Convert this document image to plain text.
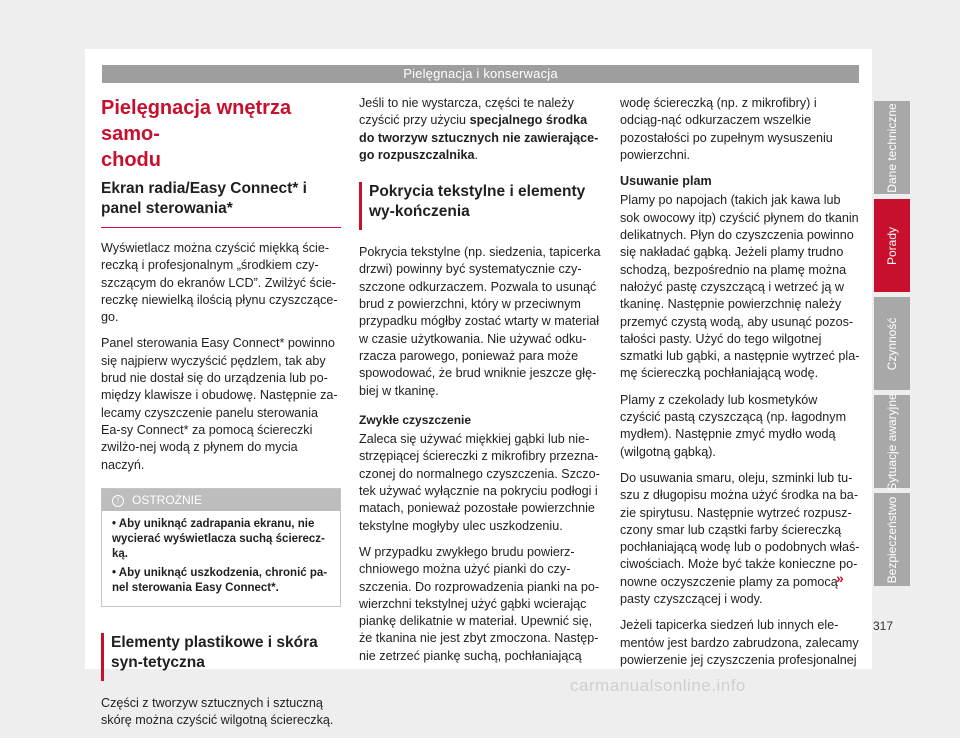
Pielęgnacja i konserwacja
Pielęgnacja wnętrza samo-
chodu
Ekran radia/Easy Connect* i panel sterowania*

Wyświetlacz można czyścić miękką ście-reczką i profesjonalnym „środkiem czy-szczącym do ekranów LCD”. Zwilżyć ście-reczkę niewielką ilością płynu czyszczące-go.

Panel sterowania Easy Connect* powinno się najpierw wyczyścić pędzlem, tak aby brud nie dostał się do urządzenia lub po-między klawisze i obudowę. Następnie za-lecamy czyszczenie panelu sterowania Ea-sy Connect* za pomocą ściereczki zwilżo-nej wodą z płynem do mycia naczyń.

! OSTROŻNIE
• Aby uniknąć zadrapania ekranu, nie wycierać wyświetlacza suchą ścierecz-ką.
• Aby uniknąć uszkodzenia, chronić pa-nel sterowania Easy Connect*.
Elementy plastikowe i skóra syn-tetyczna

Części z tworzyw sztucznych i sztuczną skórę można czyścić wilgotną ściereczką.

Jeśli to nie wystarcza, części te należy czyścić przy użyciu specjalnego środka do tworzyw sztucznych nie zawierające-go rozpuszczalnika.

Pokrycia tekstylne i elementy wy-kończenia

Pokrycia tekstylne (np. siedzenia, tapicerka drzwi) powinny być systematycznie czy-szczone odkurzaczem. Pozwala to usunąć brud z powierzchni, który w przeciwnym przypadku mógłby zostać wtarty w materiał w czasie użytkowania. Nie używać odku-rzacza parowego, ponieważ para może spowodować, że brud wniknie jeszcze głę-biej w tkaninę.

Zwykłe czyszczenie

Zaleca się używać miękkiej gąbki lub nie-strzępiącej ściereczki z mikrofibry przezna-czonej do normalnego czyszczenia. Szczo-tek używać wyłącznie na pokryciu podłogi i matach, ponieważ pozostałe powierzchnie tekstylne mogłyby ulec uszkodzeniu.

W przypadku zwykłego brudu powierz-chniowego można użyć pianki do czy-szczenia. Do rozprowadzenia pianki na po-wierzchni tekstylnej użyć gąbki wcierając piankę delikatnie w materiał. Upewnić się, że tkanina nie jest zbyt zmoczona. Następ-nie zetrzeć piankę suchą, pochłaniającą

wodę ściereczką (np. z mikrofibry) i odciąg-nąć odkurzaczem wszelkie pozostałości po zupełnym wysuszeniu powierzchni.

Usuwanie plam

Plamy po napojach (takich jak kawa lub sok owocowy itp) czyścić płynem do tkanin delikatnych. Płyn do czyszczenia powinno się nakładać gąbką. Jeżeli plamy trudno schodzą, bezpośrednio na plamę można nałożyć pastę czyszczącą i wetrzeć ją w tkaninę. Następnie powierzchnię należy przemyć czystą wodą, aby usunąć pozos-tałości pasty. Użyć do tego wilgotnej szmatki lub gąbki, a następnie wytrzeć pla-mę ściereczką pochłaniającą wodę.

Plamy z czekolady lub kosmetyków czyścić pastą czyszczącą (np. łagodnym mydłem). Następnie zmyć mydło wodą (wilgotną gąbką).

Do usuwania smaru, oleju, szminki lub tu-szu z długopisu można użyć środka na ba-zie spirytusu. Następnie wytrzeć rozpusz-czony smar lub cząstki farby ściereczką pochłaniającą wodę lub o podobnych właś-ciwościach. Może być także konieczne po-nowne oczyszczenie plamy za pomocą pasty czyszczącej i wody.

Jeżeli tapicerka siedzeń lub innych ele-mentów jest bardzo zabrudzona, zalecamy powierzenie jej czyszczenia profesjonalnej

»
Dane techniczne
Porady
Czynność
Sytuacje awaryjne
Bezpieczeństwo
317
carmanualsonline.info
